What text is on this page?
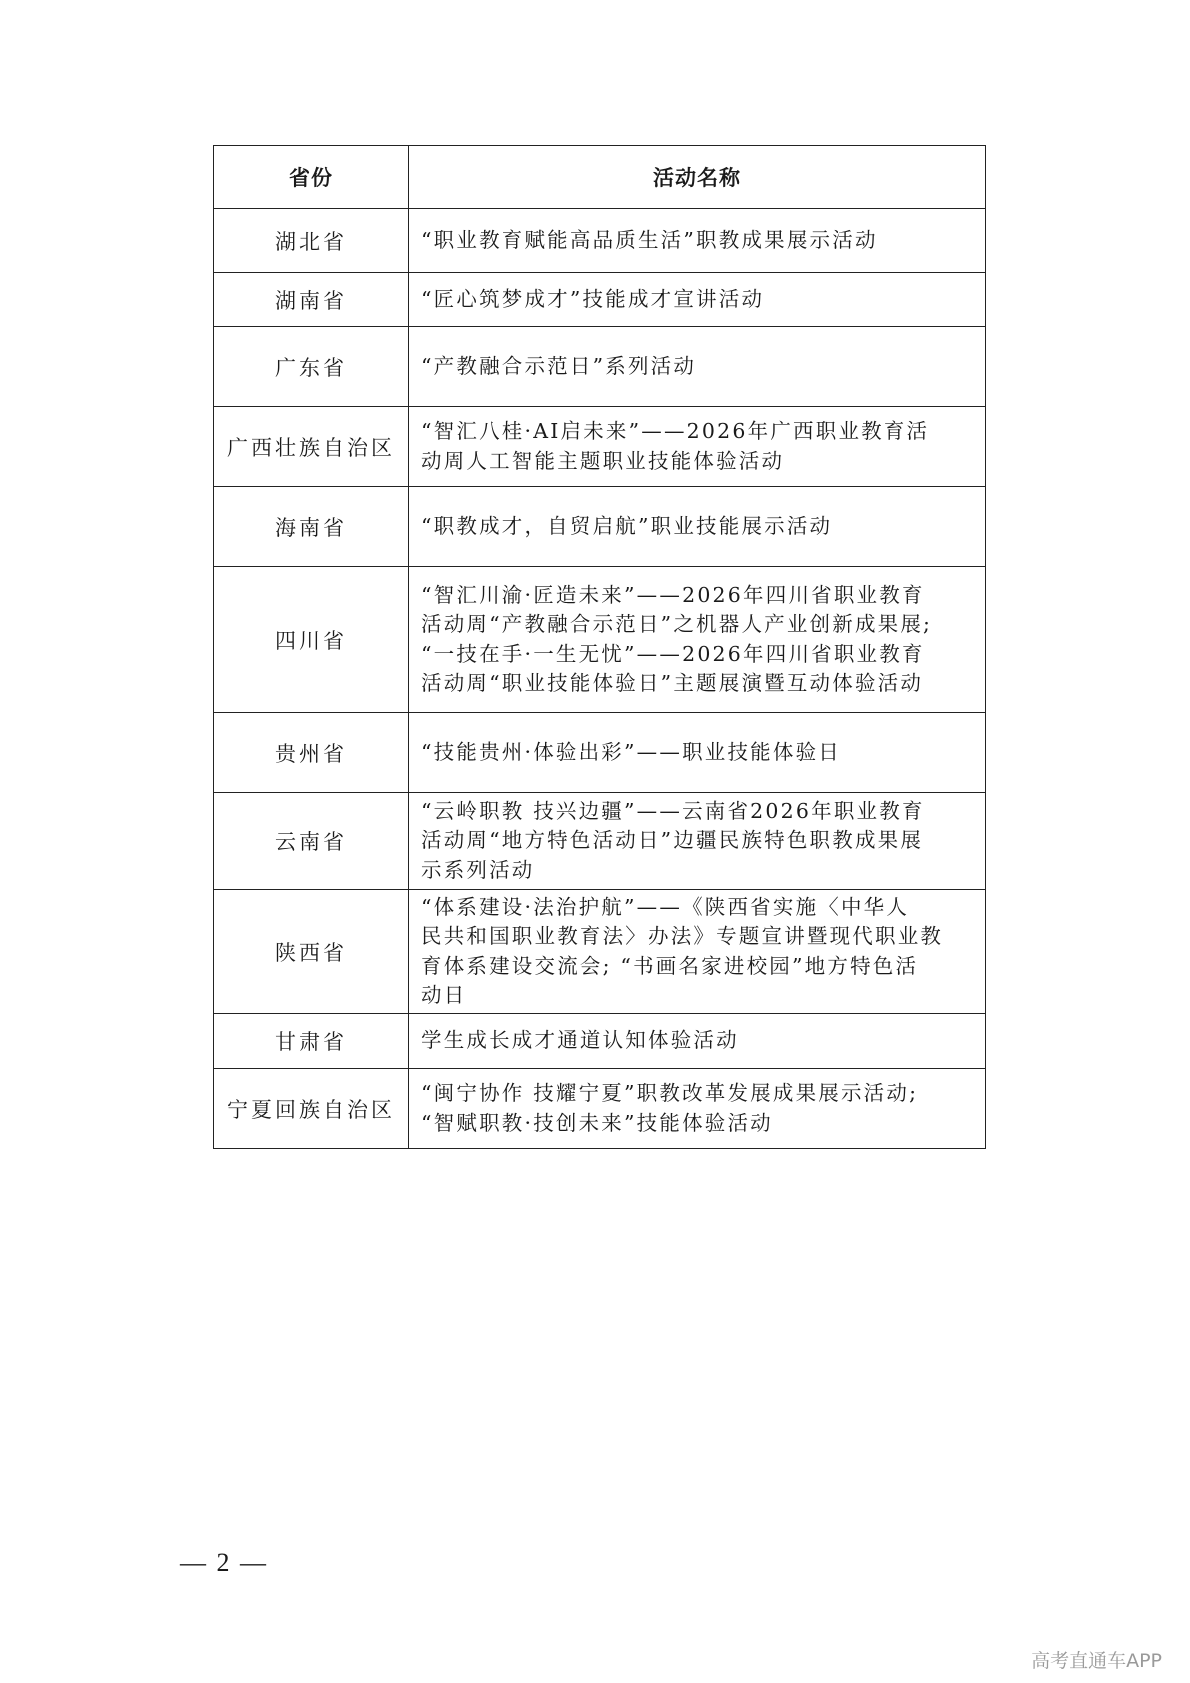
省份	活动名称
湖北省	“职业教育赋能高品质生活”职教成果展示活动

湖南省	“匠心筑梦成才”技能成才宣讲活动

广东省	“产教融合示范日”系列活动

广西壮族自治区	“智汇八桂·AI启未来”——2026年广西职业教育活
动周人工智能主题职业技能体验活动

海南省	“职教成才，自贸启航”职业技能展示活动

四川省	“智汇川渝·匠造未来”——2026年四川省职业教育
活动周“产教融合示范日”之机器人产业创新成果展;
“一技在手·一生无忧”——2026年四川省职业教育
活动周“职业技能体验日”主题展演暨互动体验活动

贵州省	“技能贵州·体验出彩”——职业技能体验日

云南省	“云岭职教 技兴边疆”——云南省2026年职业教育
活动周“地方特色活动日”边疆民族特色职教成果展
示系列活动

陕西省	“体系建设·法治护航”——《陕西省实施〈中华人
民共和国职业教育法〉办法》专题宣讲暨现代职业教
育体系建设交流会; “书画名家进校园”地方特色活
动日

甘肃省	学生成长成才通道认知体验活动

宁夏回族自治区	“闽宁协作 技耀宁夏”职教改革发展成果展示活动;
“智赋职教·技创未来”技能体验活动
— 2 —
高考直通车APP
